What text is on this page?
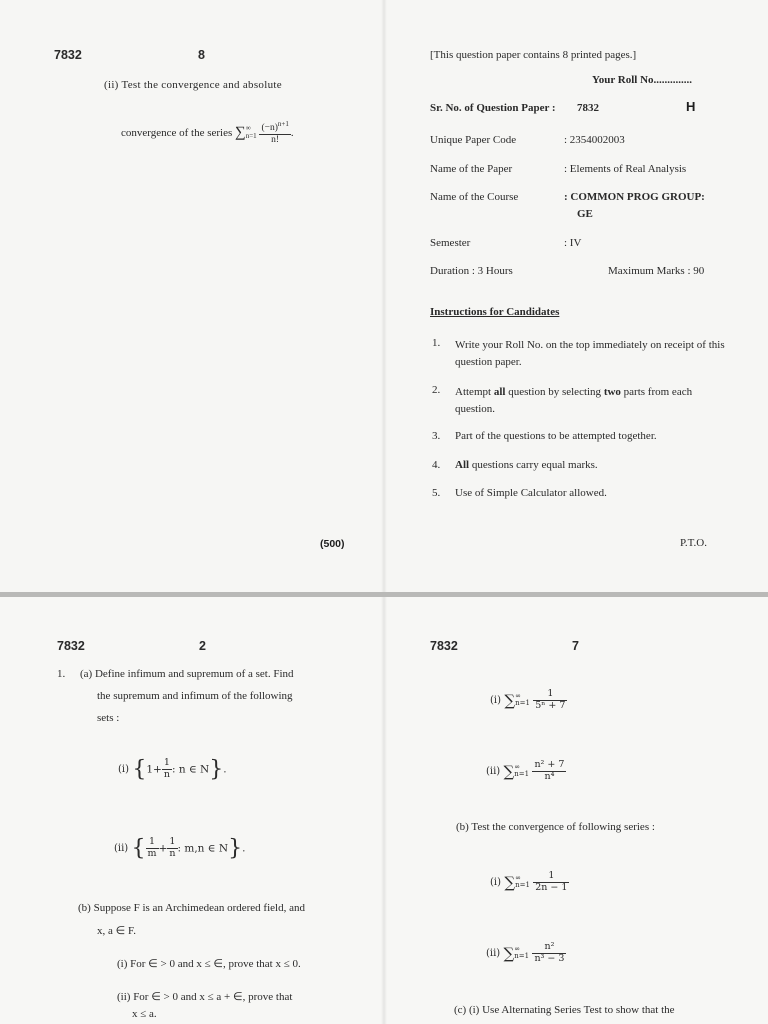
7832	8
(ii) Test the convergence and absolute
convergence of the series ∑ ∞
n=1
$\frac{(-n)^{n+1}}{n!}$ .
(500)
[This question paper contains 8 printed pages.]
Your Roll No..............
Sr. No. of Question Paper : 7832	H
Unique Paper Code	: 2354002003
Name of the Paper	: Elements of Real Analysis
Name of the Course	: COMMON PROG GROUP:
GE
Semester	: IV
Duration : 3 Hours	Maximum Marks : 90
Instructions for Candidates
1. Write your Roll No. on the top immediately on receipt of this question paper.
2. Attempt all question by selecting two parts from each question.
3. Part of the questions to be attempted together.
4. All questions carry equal marks.
5. Use of Simple Calculator allowed.
P.T.O.
7832	2
1. (a) Define infimum and supremum of a set. Find
the supremum and infimum of the following
sets :
(i) {$1+ \frac{1}{n}$ : n ∈ N}.
(ii) { $\frac{1}{m} + \frac{1}{n}$ : m,n ∈ N}.
(b) Suppose F is an Archimedean ordered field, and
x, a ∈ F.
(i) For ∈ > 0 and x ≤ ∈, prove that x ≤ 0.
(ii) For ∈ > 0 and x ≤ a + ∈, prove that
x ≤ a.
7832	7
(i) ∑ ∞
n=1
$\frac{1}{\text{5ⁿ + 7}}$
(ii) ∑ ∞
n=1
$\frac{\text{n² + 7}}{\text{n⁴}}$
(b) Test the convergence of following series :
(i) ∑ ∞
n=1
$\frac{1}{2n - 1}$
(ii) ∑ ∞
n=1
$\frac{\text{n²}}{\text{n³ − 3}}$
(c) (i) Use Alternating Series Test to show that the
